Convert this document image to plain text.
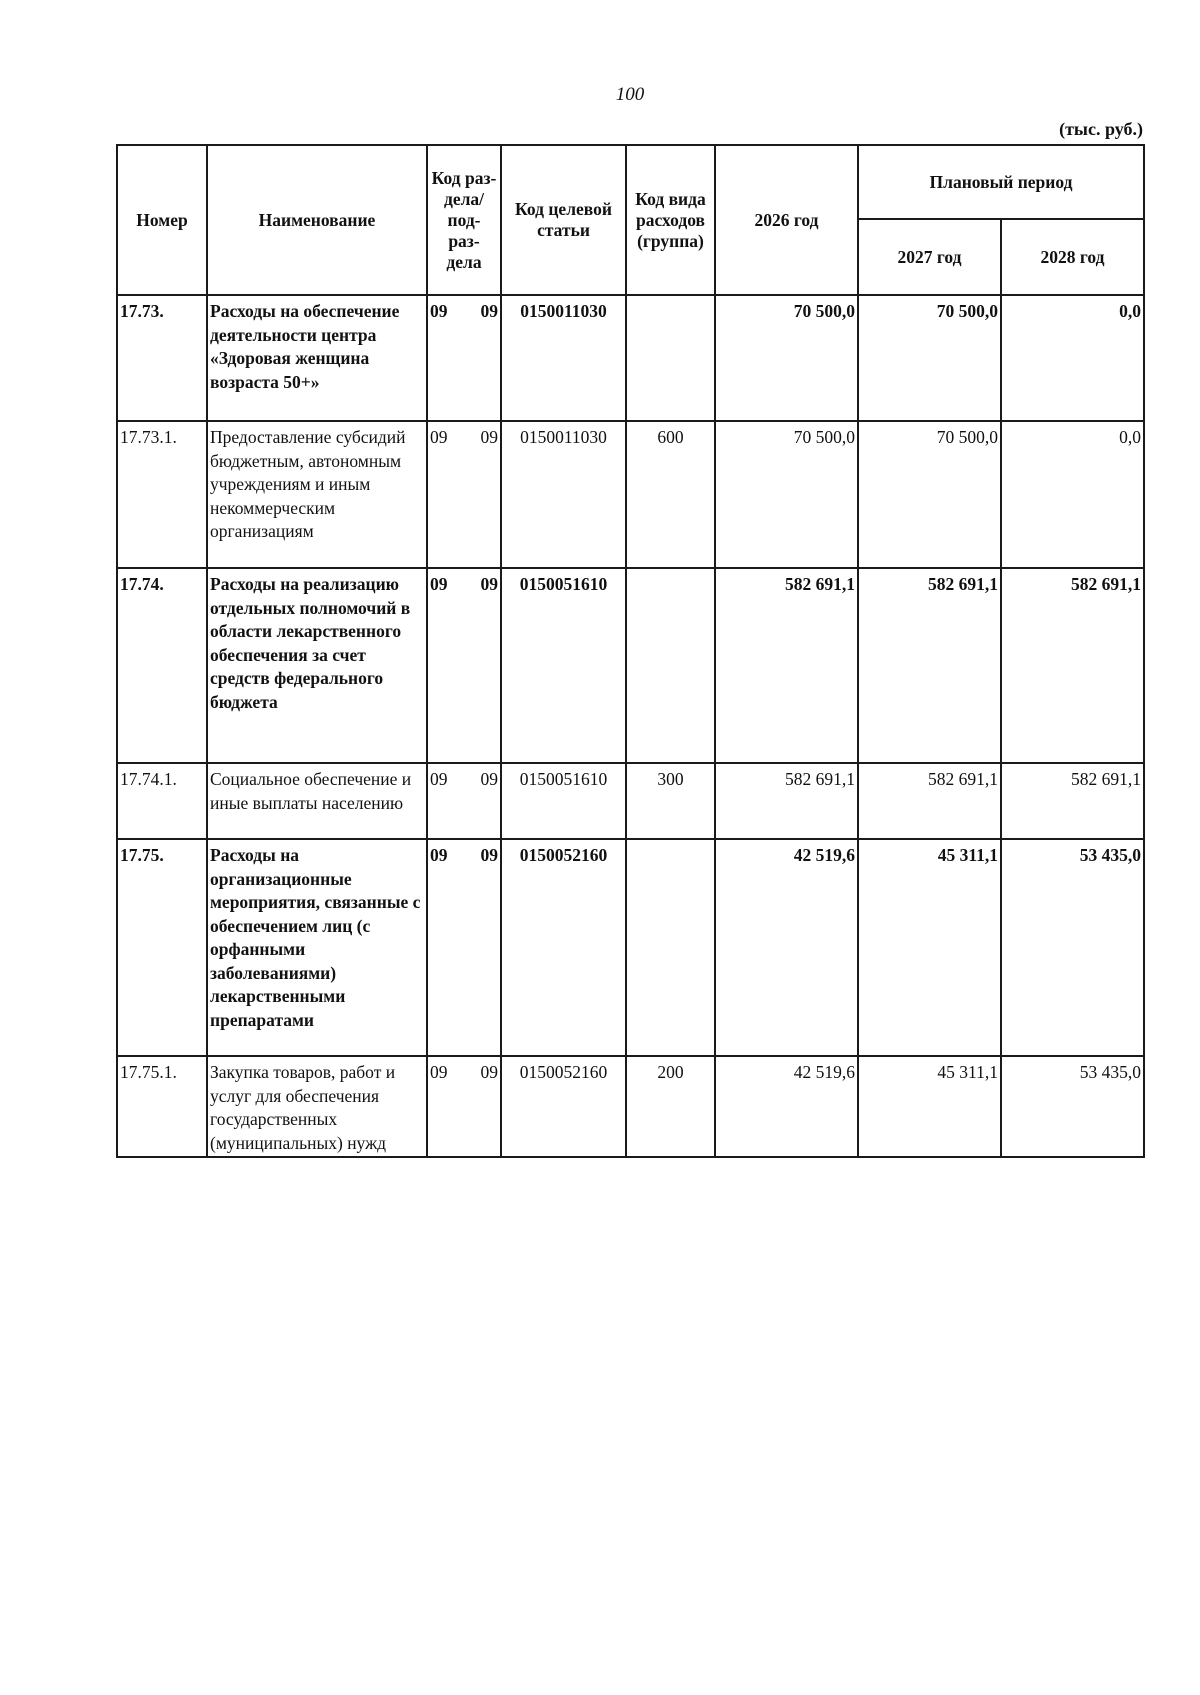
100
(тыс. руб.)
Номер	Наименование	Код раз- дела/ под- раз- дела	Код целевой статьи	Код вида расходов (группа)	2026 год	Плановый период	
						2027 год	2028 год
17.73.	Расходы на обеспечение деятельности центра «Здоровая женщина возраста 50+»	09 09	0150011030		70 500,0	70 500,0	0,0
17.73.1.	Предоставление субсидий бюджетным, автономным учреждениям и иным некоммерческим организациям	09 09	0150011030	600	70 500,0	70 500,0	0,0
17.74.	Расходы на реализацию отдельных полномочий в области лекарственного обеспечения за счет средств федерального бюджета	09 09	0150051610		582 691,1	582 691,1	582 691,1
17.74.1.	Социальное обеспечение и иные выплаты населению	09 09	0150051610	300	582 691,1	582 691,1	582 691,1
17.75.	Расходы на организационные мероприятия, связанные с обеспечением лиц (с орфанными заболеваниями) лекарственными препаратами	09 09	0150052160		42 519,6	45 311,1	53 435,0
17.75.1.	Закупка товаров, работ и услуг для обеспечения государственных (муниципальных) нужд	09 09	0150052160	200	42 519,6	45 311,1	53 435,0
